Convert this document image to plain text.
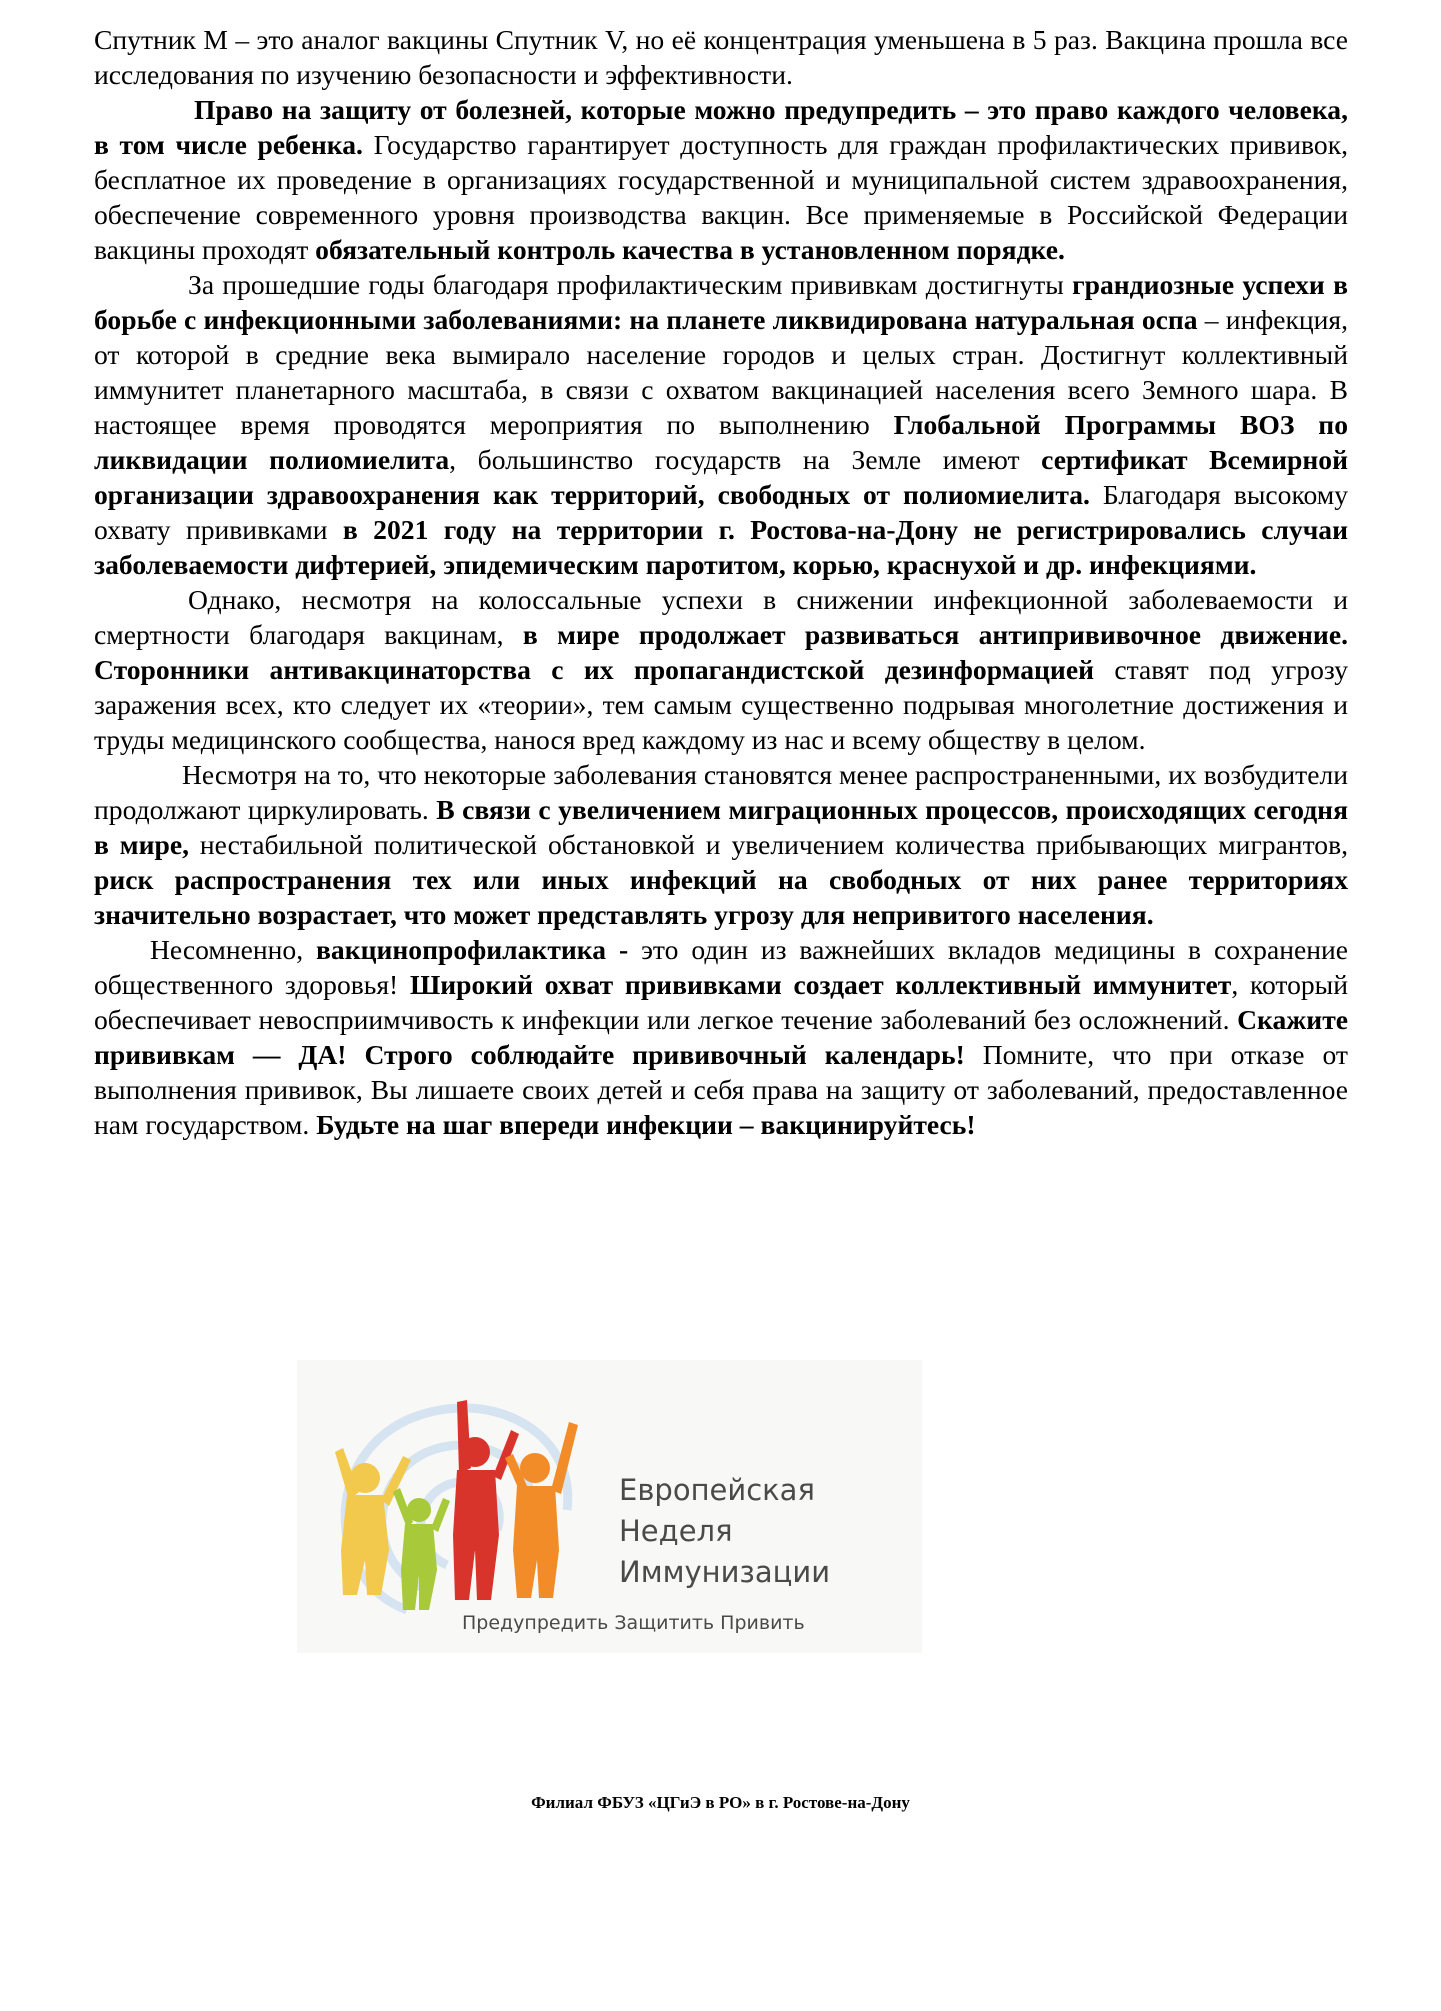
Спутник М – это аналог вакцины Спутник V, но её концентрация уменьшена в 5 раз. Вакцина прошла все исследования по изучению безопасности и эффективности.

Право на защиту от болезней, которые можно предупредить – это право каждого человека, в том числе ребенка. Государство гарантирует доступность для граждан профилактических прививок, бесплатное их проведение в организациях государственной и муниципальной систем здравоохранения, обеспечение современного уровня производства вакцин. Все применяемые в Российской Федерации вакцины проходят обязательный контроль качества в установленном порядке.

За прошедшие годы благодаря профилактическим прививкам достигнуты грандиозные успехи в борьбе с инфекционными заболеваниями: на планете ликвидирована натуральная оспа – инфекция, от которой в средние века вымирало население городов и целых стран. Достигнут коллективный иммунитет планетарного масштаба, в связи с охватом вакцинацией населения всего Земного шара. В настоящее время проводятся мероприятия по выполнению Глобальной Программы ВОЗ по ликвидации полиомиелита, большинство государств на Земле имеют сертификат Всемирной организации здравоохранения как территорий, свободных от полиомиелита. Благодаря высокому охвату прививками в 2021 году на территории г. Ростова-на-Дону не регистрировались случаи заболеваемости дифтерией, эпидемическим паротитом, корью, краснухой и др. инфекциями.

Однако, несмотря на колоссальные успехи в снижении инфекционной заболеваемости и смертности благодаря вакцинам, в мире продолжает развиваться антипрививочное движение. Сторонники антивакцинаторства с их пропагандистской дезинформацией ставят под угрозу заражения всех, кто следует их «теории», тем самым существенно подрывая многолетние достижения и труды медицинского сообщества, нанося вред каждому из нас и всему обществу в целом.

Несмотря на то, что некоторые заболевания становятся менее распространенными, их возбудители продолжают циркулировать. В связи с увеличением миграционных процессов, происходящих сегодня в мире, нестабильной политической обстановкой и увеличением количества прибывающих мигрантов, риск распространения тех или иных инфекций на свободных от них ранее территориях значительно возрастает, что может представлять угрозу для непривитого населения.

Несомненно, вакцинопрофилактика - это один из важнейших вкладов медицины в сохранение общественного здоровья! Широкий охват прививками создает коллективный иммунитет, который обеспечивает невосприимчивость к инфекции или легкое течение заболеваний без осложнений. Скажите прививкам — ДА! Строго соблюдайте прививочный календарь! Помните, что при отказе от выполнения прививок, Вы лишаете своих детей и себя права на защиту от заболеваний, предоставленное нам государством. Будьте на шаг впереди инфекции – вакцинируйтесь!

Европейская
Неделя
Иммунизации
Предупредить Защитить Привить
Филиал ФБУЗ «ЦГиЭ в РО» в г. Ростове-на-Дону
